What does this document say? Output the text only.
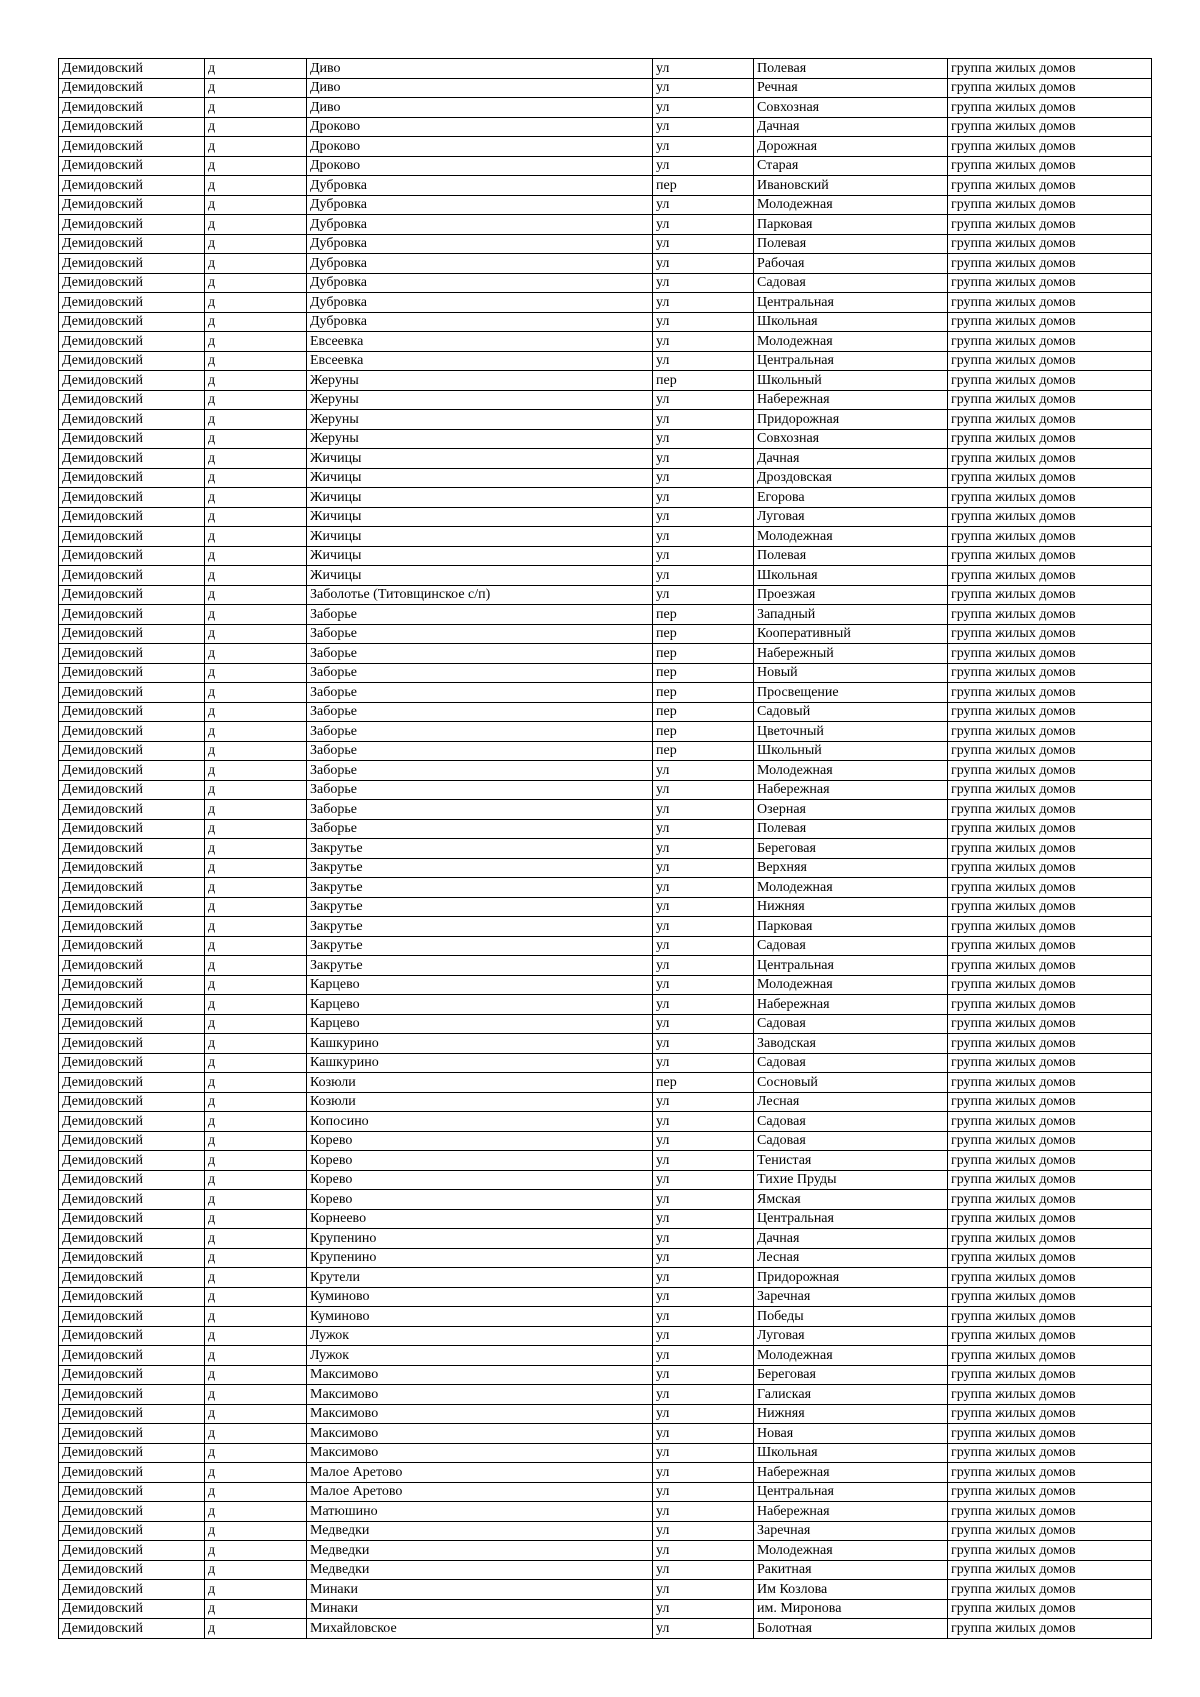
Демидовский	д	Диво	ул	Полевая	группа жилых домов
Демидовский	д	Диво	ул	Речная	группа жилых домов
Демидовский	д	Диво	ул	Совхозная	группа жилых домов
Демидовский	д	Дроково	ул	Дачная	группа жилых домов
Демидовский	д	Дроково	ул	Дорожная	группа жилых домов
Демидовский	д	Дроково	ул	Старая	группа жилых домов
Демидовский	д	Дубровка	пер	Ивановский	группа жилых домов
Демидовский	д	Дубровка	ул	Молодежная	группа жилых домов
Демидовский	д	Дубровка	ул	Парковая	группа жилых домов
Демидовский	д	Дубровка	ул	Полевая	группа жилых домов
Демидовский	д	Дубровка	ул	Рабочая	группа жилых домов
Демидовский	д	Дубровка	ул	Садовая	группа жилых домов
Демидовский	д	Дубровка	ул	Центральная	группа жилых домов
Демидовский	д	Дубровка	ул	Школьная	группа жилых домов
Демидовский	д	Евсеевка	ул	Молодежная	группа жилых домов
Демидовский	д	Евсеевка	ул	Центральная	группа жилых домов
Демидовский	д	Жеруны	пер	Школьный	группа жилых домов
Демидовский	д	Жеруны	ул	Набережная	группа жилых домов
Демидовский	д	Жеруны	ул	Придорожная	группа жилых домов
Демидовский	д	Жеруны	ул	Совхозная	группа жилых домов
Демидовский	д	Жичицы	ул	Дачная	группа жилых домов
Демидовский	д	Жичицы	ул	Дроздовская	группа жилых домов
Демидовский	д	Жичицы	ул	Егорова	группа жилых домов
Демидовский	д	Жичицы	ул	Луговая	группа жилых домов
Демидовский	д	Жичицы	ул	Молодежная	группа жилых домов
Демидовский	д	Жичицы	ул	Полевая	группа жилых домов
Демидовский	д	Жичицы	ул	Школьная	группа жилых домов
Демидовский	д	Заболотье (Титовщинское с/п)	ул	Проезжая	группа жилых домов
Демидовский	д	Заборье	пер	Западный	группа жилых домов
Демидовский	д	Заборье	пер	Кооперативный	группа жилых домов
Демидовский	д	Заборье	пер	Набережный	группа жилых домов
Демидовский	д	Заборье	пер	Новый	группа жилых домов
Демидовский	д	Заборье	пер	Просвещение	группа жилых домов
Демидовский	д	Заборье	пер	Садовый	группа жилых домов
Демидовский	д	Заборье	пер	Цветочный	группа жилых домов
Демидовский	д	Заборье	пер	Школьный	группа жилых домов
Демидовский	д	Заборье	ул	Молодежная	группа жилых домов
Демидовский	д	Заборье	ул	Набережная	группа жилых домов
Демидовский	д	Заборье	ул	Озерная	группа жилых домов
Демидовский	д	Заборье	ул	Полевая	группа жилых домов
Демидовский	д	Закрутье	ул	Береговая	группа жилых домов
Демидовский	д	Закрутье	ул	Верхняя	группа жилых домов
Демидовский	д	Закрутье	ул	Молодежная	группа жилых домов
Демидовский	д	Закрутье	ул	Нижняя	группа жилых домов
Демидовский	д	Закрутье	ул	Парковая	группа жилых домов
Демидовский	д	Закрутье	ул	Садовая	группа жилых домов
Демидовский	д	Закрутье	ул	Центральная	группа жилых домов
Демидовский	д	Карцево	ул	Молодежная	группа жилых домов
Демидовский	д	Карцево	ул	Набережная	группа жилых домов
Демидовский	д	Карцево	ул	Садовая	группа жилых домов
Демидовский	д	Кашкурино	ул	Заводская	группа жилых домов
Демидовский	д	Кашкурино	ул	Садовая	группа жилых домов
Демидовский	д	Козюли	пер	Сосновый	группа жилых домов
Демидовский	д	Козюли	ул	Лесная	группа жилых домов
Демидовский	д	Копосино	ул	Садовая	группа жилых домов
Демидовский	д	Корево	ул	Садовая	группа жилых домов
Демидовский	д	Корево	ул	Тенистая	группа жилых домов
Демидовский	д	Корево	ул	Тихие Пруды	группа жилых домов
Демидовский	д	Корево	ул	Ямская	группа жилых домов
Демидовский	д	Корнеево	ул	Центральная	группа жилых домов
Демидовский	д	Крупенино	ул	Дачная	группа жилых домов
Демидовский	д	Крупенино	ул	Лесная	группа жилых домов
Демидовский	д	Крутели	ул	Придорожная	группа жилых домов
Демидовский	д	Куминово	ул	Заречная	группа жилых домов
Демидовский	д	Куминово	ул	Победы	группа жилых домов
Демидовский	д	Лужок	ул	Луговая	группа жилых домов
Демидовский	д	Лужок	ул	Молодежная	группа жилых домов
Демидовский	д	Максимово	ул	Береговая	группа жилых домов
Демидовский	д	Максимово	ул	Галиская	группа жилых домов
Демидовский	д	Максимово	ул	Нижняя	группа жилых домов
Демидовский	д	Максимово	ул	Новая	группа жилых домов
Демидовский	д	Максимово	ул	Школьная	группа жилых домов
Демидовский	д	Малое Аретово	ул	Набережная	группа жилых домов
Демидовский	д	Малое Аретово	ул	Центральная	группа жилых домов
Демидовский	д	Матюшино	ул	Набережная	группа жилых домов
Демидовский	д	Медведки	ул	Заречная	группа жилых домов
Демидовский	д	Медведки	ул	Молодежная	группа жилых домов
Демидовский	д	Медведки	ул	Ракитная	группа жилых домов
Демидовский	д	Минаки	ул	Им Козлова	группа жилых домов
Демидовский	д	Минаки	ул	им. Миронова	группа жилых домов
Демидовский	д	Михайловское	ул	Болотная	группа жилых домов
